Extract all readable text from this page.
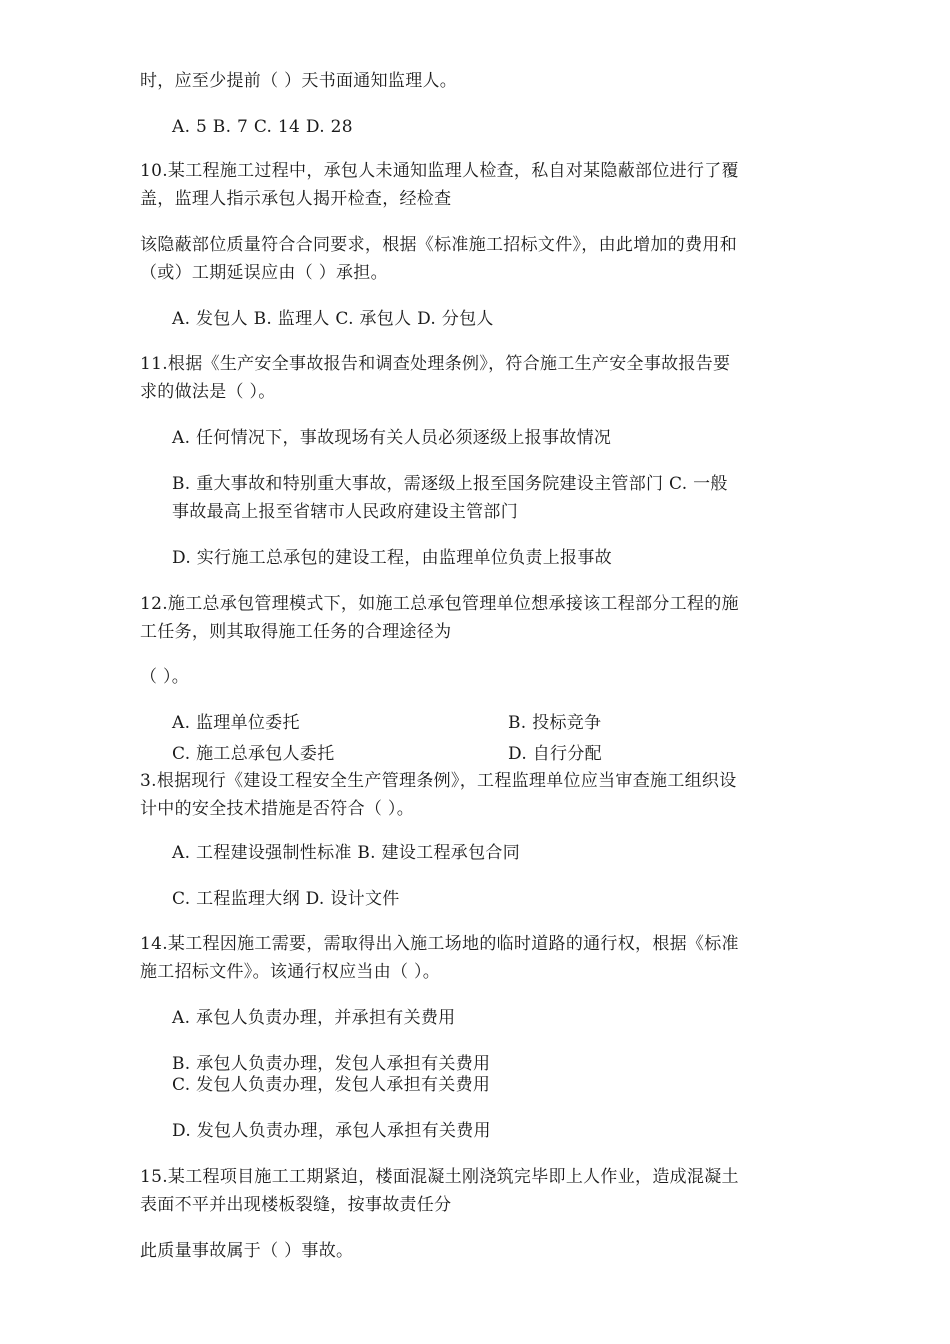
时，应至少提前（ ）天书面通知监理人。
A. 5 B. 7 C. 14 D. 28
10.某工程施工过程中，承包人未通知监理人检查，私自对某隐蔽部位进行了覆
盖，监理人指示承包人揭开检查，经检查
该隐蔽部位质量符合合同要求，根据《标准施工招标文件》，由此增加的费用和
（或）工期延误应由（ ）承担。
A. 发包人 B. 监理人 C. 承包人 D. 分包人
11.根据《生产安全事故报告和调查处理条例》，符合施工生产安全事故报告要
求的做法是（ ）。
A. 任何情况下，事故现场有关人员必须逐级上报事故情况
B. 重大事故和特别重大事故，需逐级上报至国务院建设主管部门 C. 一般
事故最高上报至省辖市人民政府建设主管部门
D. 实行施工总承包的建设工程，由监理单位负责上报事故
12.施工总承包管理模式下，如施工总承包管理单位想承接该工程部分工程的施
工任务，则其取得施工任务的合理途径为
（ ）。
A. 监理单位委托	B. 投标竞争
C. 施工总承包人委托	D. 自行分配
3.根据现行《建设工程安全生产管理条例》，工程监理单位应当审查施工组织设
计中的安全技术措施是否符合（ ）。
A. 工程建设强制性标准 B. 建设工程承包合同
C. 工程监理大纲 D. 设计文件
14.某工程因施工需要，需取得出入施工场地的临时道路的通行权，根据《标准
施工招标文件》。该通行权应当由（ ）。
A. 承包人负责办理，并承担有关费用
B. 承包人负责办理，发包人承担有关费用
C. 发包人负责办理，发包人承担有关费用
D. 发包人负责办理，承包人承担有关费用
15.某工程项目施工工期紧迫，楼面混凝土刚浇筑完毕即上人作业，造成混凝土
表面不平并出现楼板裂缝，按事故责任分
此质量事故属于（ ）事故。
